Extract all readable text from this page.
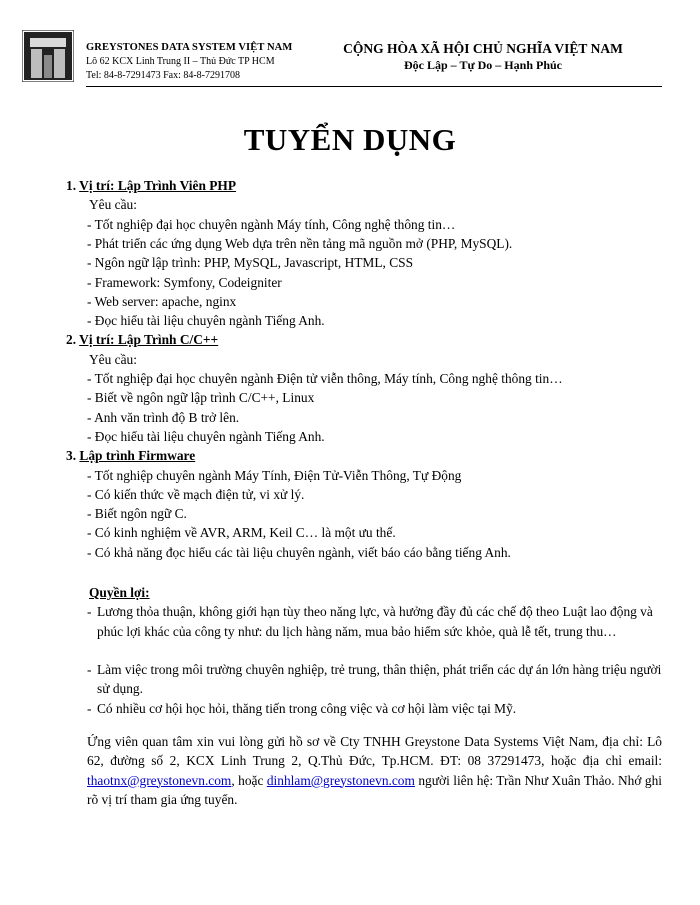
GREYSTONES DATA SYSTEM VIỆT NAM
Lô 62 KCX Linh Trung II – Thủ Đức TP HCM
Tel: 84-8-7291473 Fax: 84-8-7291708
CỘNG HÒA XÃ HỘI CHỦ NGHĨA VIỆT NAM
Độc Lập – Tự Do – Hạnh Phúc
TUYỂN DỤNG
1. Vị trí: Lập Trình Viên PHP
Yêu cầu:
- Tốt nghiệp đại học chuyên ngành Máy tính, Công nghệ thông tin…
- Phát triển các ứng dụng Web dựa trên nền tảng mã nguồn mở (PHP, MySQL).
- Ngôn ngữ lập trình: PHP, MySQL, Javascript, HTML, CSS
- Framework: Symfony, Codeigniter
- Web server: apache, nginx
- Đọc hiểu tài liệu chuyên ngành Tiếng Anh.
2. Vị trí: Lập Trình C/C++
Yêu cầu:
- Tốt nghiệp đại học chuyên ngành Điện tử viễn thông, Máy tính, Công nghệ thông tin…
- Biết về ngôn ngữ lập trình C/C++, Linux
- Anh văn trình độ B trở lên.
- Đọc hiểu tài liệu chuyên ngành Tiếng Anh.
3. Lập trình Firmware
- Tốt nghiệp chuyên ngành Máy Tính, Điện Tử-Viễn Thông, Tự Động
- Có kiến thức về mạch điện tử, vi xử lý.
- Biết ngôn ngữ C.
- Có kinh nghiệm về AVR, ARM, Keil C… là một ưu thế.
- Có khả năng đọc hiểu các tài liệu chuyên ngành, viết báo cáo bằng tiếng Anh.
Quyền lợi:
- Lương thỏa thuận, không giới hạn tùy theo năng lực, và hưởng đầy đủ các chế độ theo Luật lao động và phúc lợi khác của công ty như: du lịch hàng năm, mua bảo hiểm sức khỏe, quà lễ tết, trung thu…
- Làm việc trong môi trường chuyên nghiệp, trẻ trung, thân thiện, phát triển các dự án lớn hàng triệu người sử dụng.
- Có nhiều cơ hội học hỏi, thăng tiến trong công việc và cơ hội làm việc tại Mỹ.
Ứng viên quan tâm xin vui lòng gửi hồ sơ về Cty TNHH Greystone Data Systems Việt Nam, địa chỉ: Lô 62, đường số 2, KCX Linh Trung 2, Q.Thủ Đức, Tp.HCM. ĐT: 08 37291473, hoặc địa chỉ email: thaotnx@greystonevn.com, hoặc dinhlam@greystonevn.com người liên hệ: Trần Như Xuân Thảo. Nhớ ghi rõ vị trí tham gia ứng tuyển.
